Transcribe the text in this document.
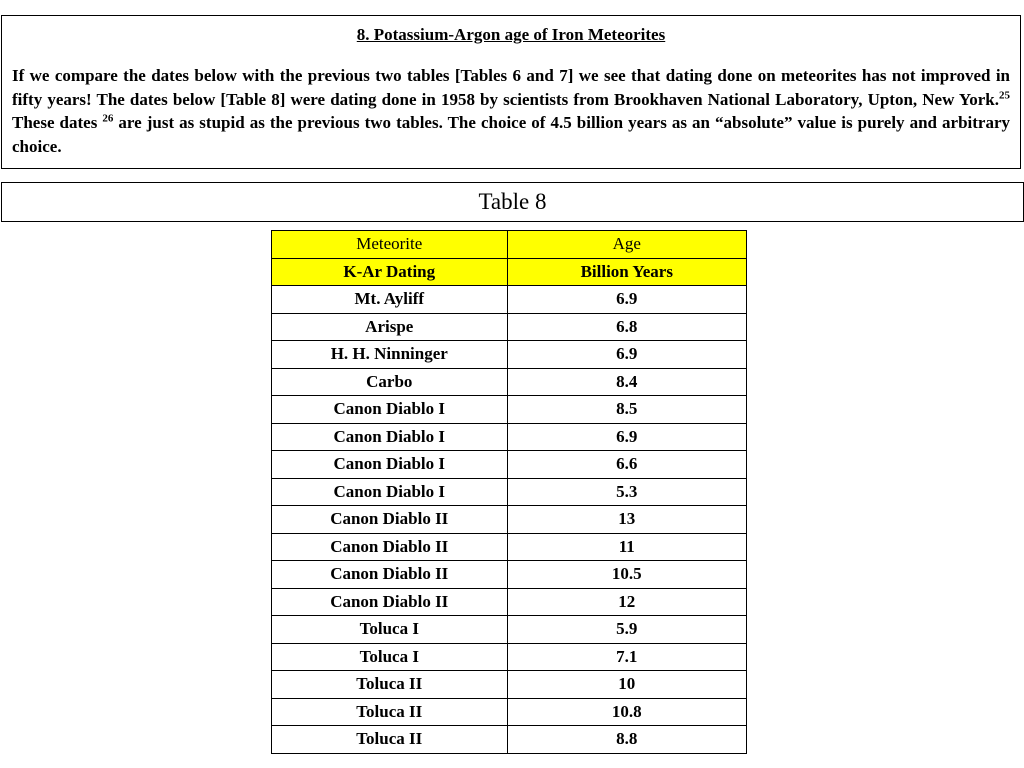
8. Potassium-Argon age of Iron Meteorites

If we compare the dates below with the previous two tables [Tables 6 and 7] we see that dating done on meteorites has not improved in fifty years! The dates below [Table 8] were dating done in 1958 by scientists from Brookhaven National Laboratory, Upton, New York.$^{25}$ These dates $^{26}$ are just as stupid as the previous two tables. The choice of 4.5 billion years as an “absolute” value is purely and arbitrary choice.

Table 8
Meteorite	Age
K-Ar Dating	Billion Years
Mt. Ayliff	6.9
Arispe	6.8
H. H. Ninninger	6.9
Carbo	8.4
Canon Diablo I	8.5
Canon Diablo I	6.9
Canon Diablo I	6.6
Canon Diablo I	5.3
Canon Diablo II	13
Canon Diablo II	11
Canon Diablo II	10.5
Canon Diablo II	12
Toluca I	5.9
Toluca I	7.1
Toluca II	10
Toluca II	10.8
Toluca II	8.8
